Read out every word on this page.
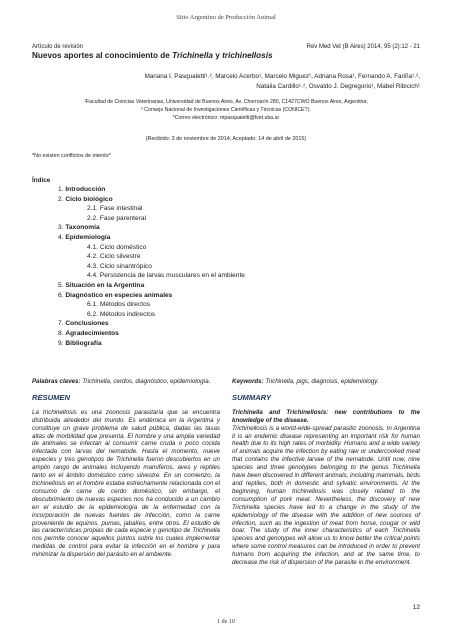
Sitio Argentino de Producción Animal
Artículo de revisión	Rev Med Vet (B Aires) 2014, 95 (2):12 - 21
Nuevos aportes al conocimiento de Trichinella y trichinellosis
Mariana I. Pasqualetti¹˒², Marcelo Acerbo¹, Marcelo Miguez¹, Adriana Rosa¹, Fernando A. Fariña¹˒²,
Natalia Cardillo¹˒², Osvaldo J. Degregorio¹, Mabel Ribicich¹
¹Facultad de Ciencias Veterinarias, Universidad de Buenos Aires, Av. Chorroarín 280, C1427CWO Buenos Aires, Argentina;
² Consejo Nacional de Investigaciones Científicas y Técnicas (CONICET).
*Correo electrónico: mpasqualetti@fvet.uba.ar
(Recibido: 3 de noviembre de 2014; Aceptado: 14 de abril de 2015)
*No existen conflictos de interés*
Índice
1. Introducción
2. Ciclo biológico
2.1. Fase intestinal
2.2. Fase parenteral
3. Taxonomía
4. Epidemiología
4.1. Ciclo doméstico
4.2. Ciclo silvestre
4.3. Ciclo sinantrópico
4.4. Persistencia de larvas musculares en el ambiente
5. Situación en la Argentina
6. Diagnóstico en especies animales
6.1. Métodos directos
6.2. Métodos indirectos
7. Conclusiones
8. Agradecimientos
9. Bibliografía
Palabras claves: Trichinella, cerdos, diagnóstico, epidemiología.
RESUMEN
La trichinellosis es una zoonosis parasitaria que se encuentra distribuida alrededor del mundo. Es endémica en la Argentina y constituye un grave problema de salud pública, dadas las tasas altas de morbilidad que presenta. El hombre y una amplia variedad de animales se infectan al consumir carne cruda o poco cocida infectada con larvas del nematode. Hasta el momento, nueve especies y tres genotipos de Trichinella fueron descubiertos en un amplio rango de animales incluyendo mamíferos, aves y reptiles tanto en el ámbito doméstico como silvestre. En un comienzo, la trichinellosis en el hombre estaba estrechamente relacionada con el consumo de carne de cerdo doméstico; sin embargo, el descubrimiento de nuevas especies nos ha conducido a un cambio en el estudio de la epidemiología de la enfermedad con la incorporación de nuevas fuentes de infección, como la carne proveniente de equinos, pumas, jabalíes, entre otros. El estudio de las características propias de cada especie y genotipo de Trichinella nos permite conocer aquellos puntos sobre los cuales implementar medidas de control para evitar la infección en el hombre y para minimizar la dispersión del parásito en el ambiente.
Keywords: Trichinella, pigs, diagnosis, epidemiology.
SUMMARY
Trichinella and Trichinellosis: new contributions to the knowledge of the disease.
Trichinellosis is a world-wide-spread parasitic zoonosis. In Argentina it is an endemic disease representing an important risk for human health due to its high rates of morbidity. Humans and a wide variety of animals acquire the infection by eating raw or undercooked meat that contains the infective larvae of the nematode. Until now, nine species and three genotypes belonging to the genus Trichinella have been discovered in different animals, including mammals, birds and reptiles, both in domestic and sylvatic environments. At the beginning, human trichinellosis was closely related to the consumption of pork meat. Nevertheless, the discovery of new Trichinella species have led to a change in the study of the epidemiology of the disease with the addition of new sources of infection, such as the ingestion of meat from horse, cougar or wild boar. The study of the inner characteristics of each Trichinella species and genotypes will allow us to know better the critical points where some control measures can be introduced in order to prevent humans from acquiring the infection, and at the same time, to decrease the risk of dispersion of the parasite in the environment.
12
1 de 10
